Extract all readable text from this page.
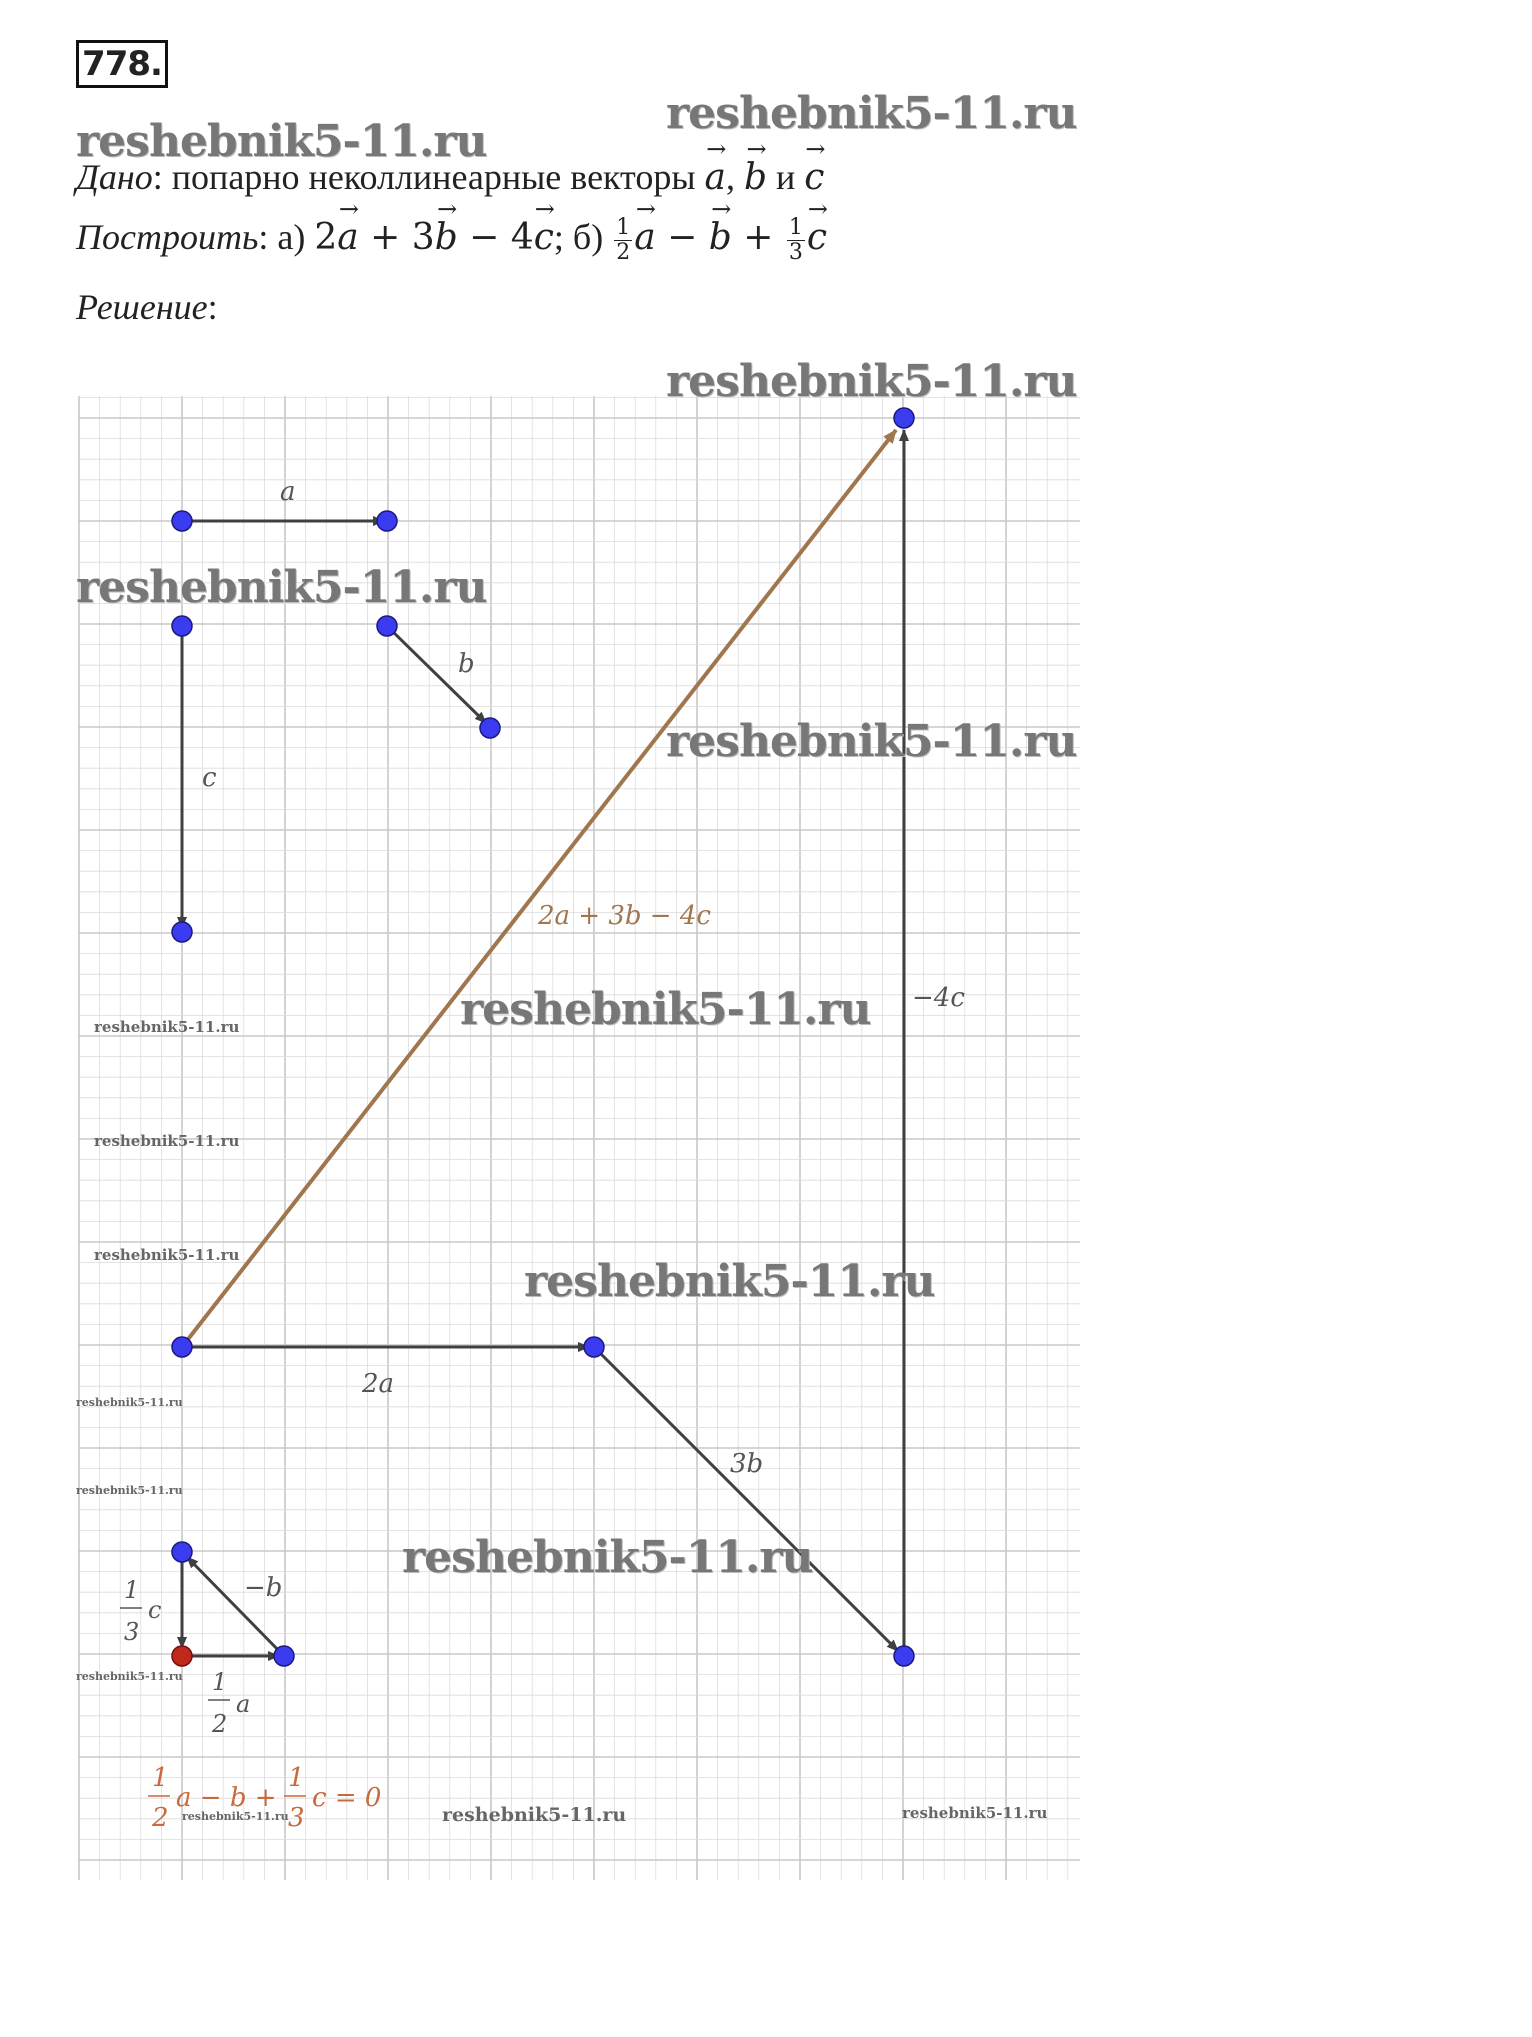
778.
reshebnik5-11.ru
reshebnik5-11.ru
Дано: попарно неколлинеарные векторы → a, → b и → c
Построить: а) 2→ a + 3→ b − 4→ c; $б) \frac{1}{2}$
→ a − → $b + \frac{1}{3}$
→ c
Решение:
a
b
c
2a + 3b − 4c
−4c
2a
3b
−b
1
3
c
1
2
a
1
2
a − b +
1
3
c = 0
reshebnik5-11.ru
reshebnik5-11.ru
reshebnik5-11.ru
reshebnik5-11.ru
reshebnik5-11.ru
reshebnik5-11.ru
reshebnik5-11.ru
reshebnik5-11.ru
reshebnik5-11.ru
reshebnik5-11.ru	reshebnik5-11.ru
reshebnik5-11.ru
reshebnik5-11.ru
reshebnik5-11.ru
reshebnik5-11.ru
